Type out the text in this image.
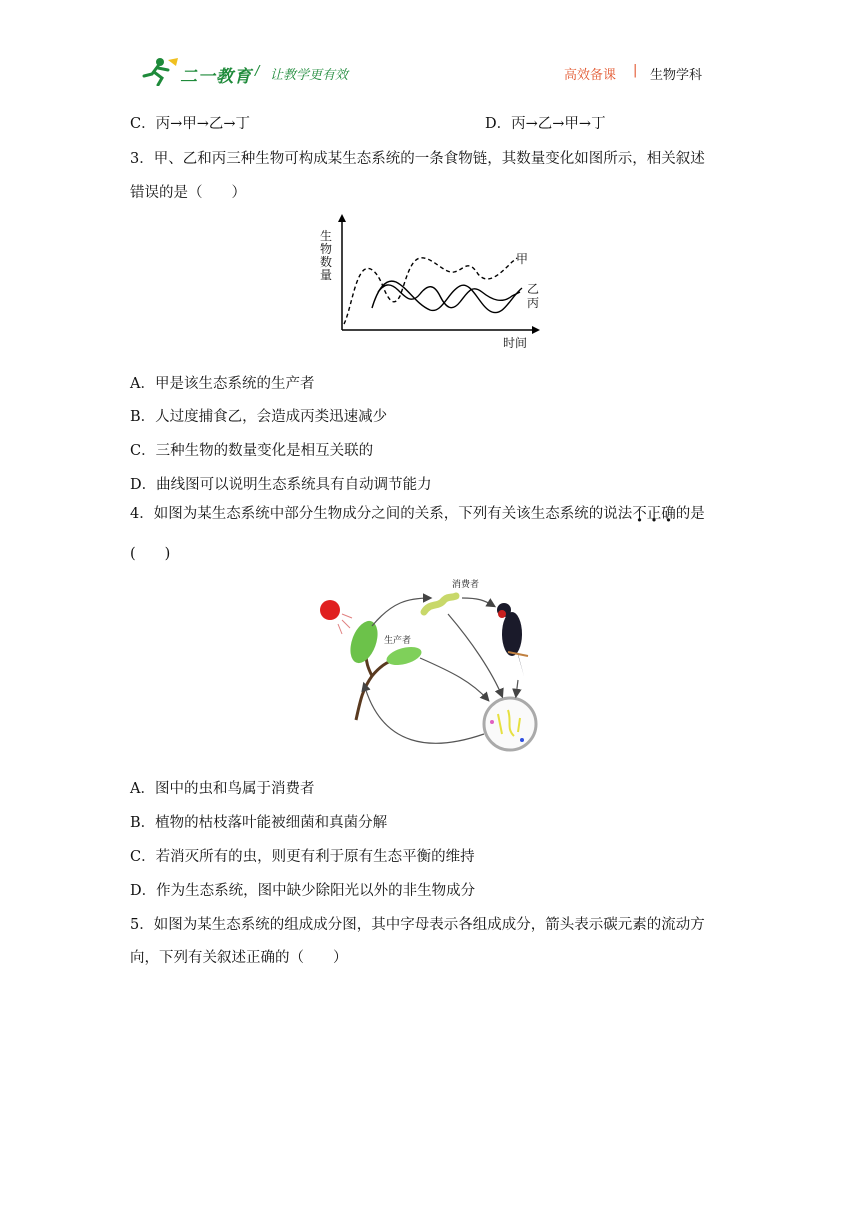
二一教育 / 让教学更有效	高效备课 | 生物学科
C．丙→甲→乙→丁	D．丙→乙→甲→丁
3．甲、乙和丙三种生物可构成某生态系统的一条食物链，其数量变化如图所示，相关叙述
错误的是（　　）
生
物
数
量
时间
甲
乙
丙
A．甲是该生态系统的生产者
B．人过度捕食乙，会造成丙类迅速减少
C．三种生物的数量变化是相互关联的
D．曲线图可以说明生态系统具有自动调节能力
4．如图为某生态系统中部分生物成分之间的关系，下列有关该生态系统的说法不正确的是
(　　)
消费者
生产者
A．图中的虫和鸟属于消费者
B．植物的枯枝落叶能被细菌和真菌分解
C．若消灭所有的虫，则更有利于原有生态平衡的维持
D．作为生态系统，图中缺少除阳光以外的非生物成分
5．如图为某生态系统的组成成分图，其中字母表示各组成成分，箭头表示碳元素的流动方
向，下列有关叙述正确的（　　）
